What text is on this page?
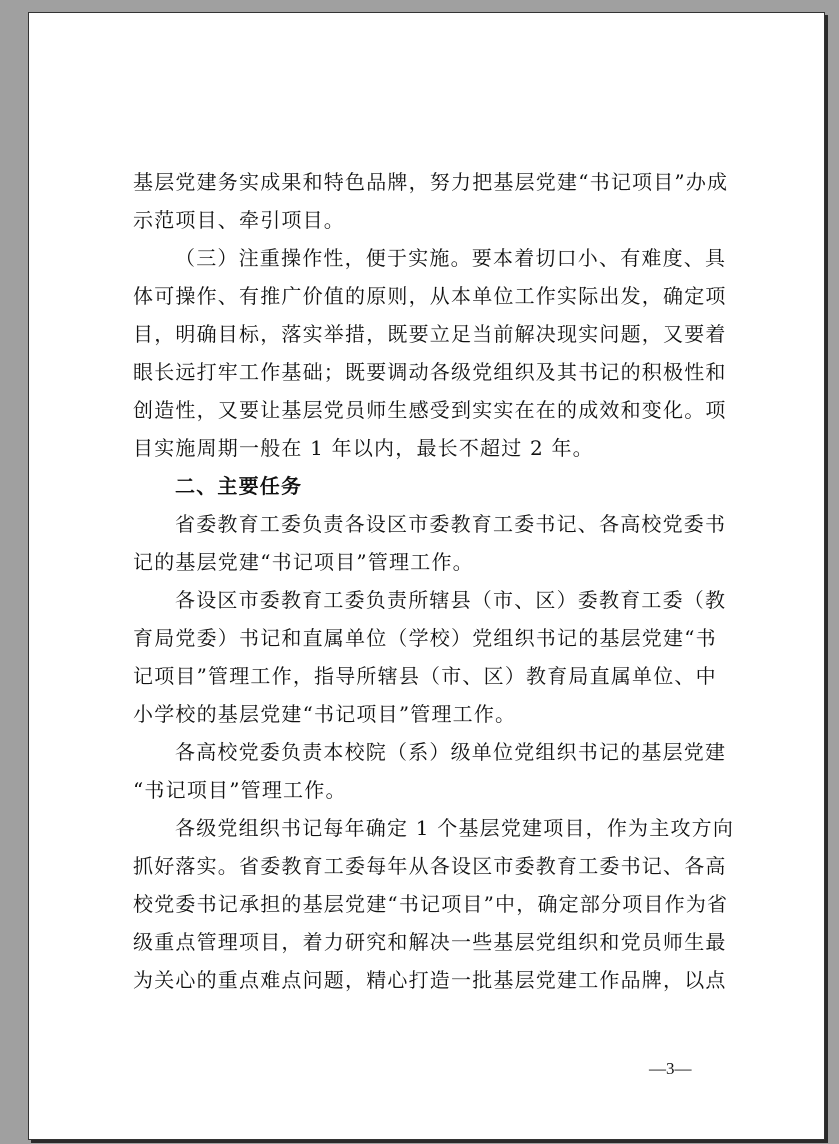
基层党建务实成果和特色品牌，努力把基层党建“书记项目”办成
示范项目、牵引项目。
（三）注重操作性，便于实施。要本着切口小、有难度、具
体可操作、有推广价值的原则，从本单位工作实际出发，确定项
目，明确目标，落实举措，既要立足当前解决现实问题，又要着
眼长远打牢工作基础；既要调动各级党组织及其书记的积极性和
创造性，又要让基层党员师生感受到实实在在的成效和变化。项
目实施周期一般在 1 年以内，最长不超过 2 年。
二、主要任务
省委教育工委负责各设区市委教育工委书记、各高校党委书
记的基层党建“书记项目”管理工作。
各设区市委教育工委负责所辖县（市、区）委教育工委（教
育局党委）书记和直属单位（学校）党组织书记的基层党建“书
记项目”管理工作，指导所辖县（市、区）教育局直属单位、中
小学校的基层党建“书记项目”管理工作。
各高校党委负责本校院（系）级单位党组织书记的基层党建
“书记项目”管理工作。
各级党组织书记每年确定 1 个基层党建项目，作为主攻方向
抓好落实。省委教育工委每年从各设区市委教育工委书记、各高
校党委书记承担的基层党建“书记项目”中，确定部分项目作为省
级重点管理项目，着力研究和解决一些基层党组织和党员师生最
为关心的重点难点问题，精心打造一批基层党建工作品牌，以点
—3—
